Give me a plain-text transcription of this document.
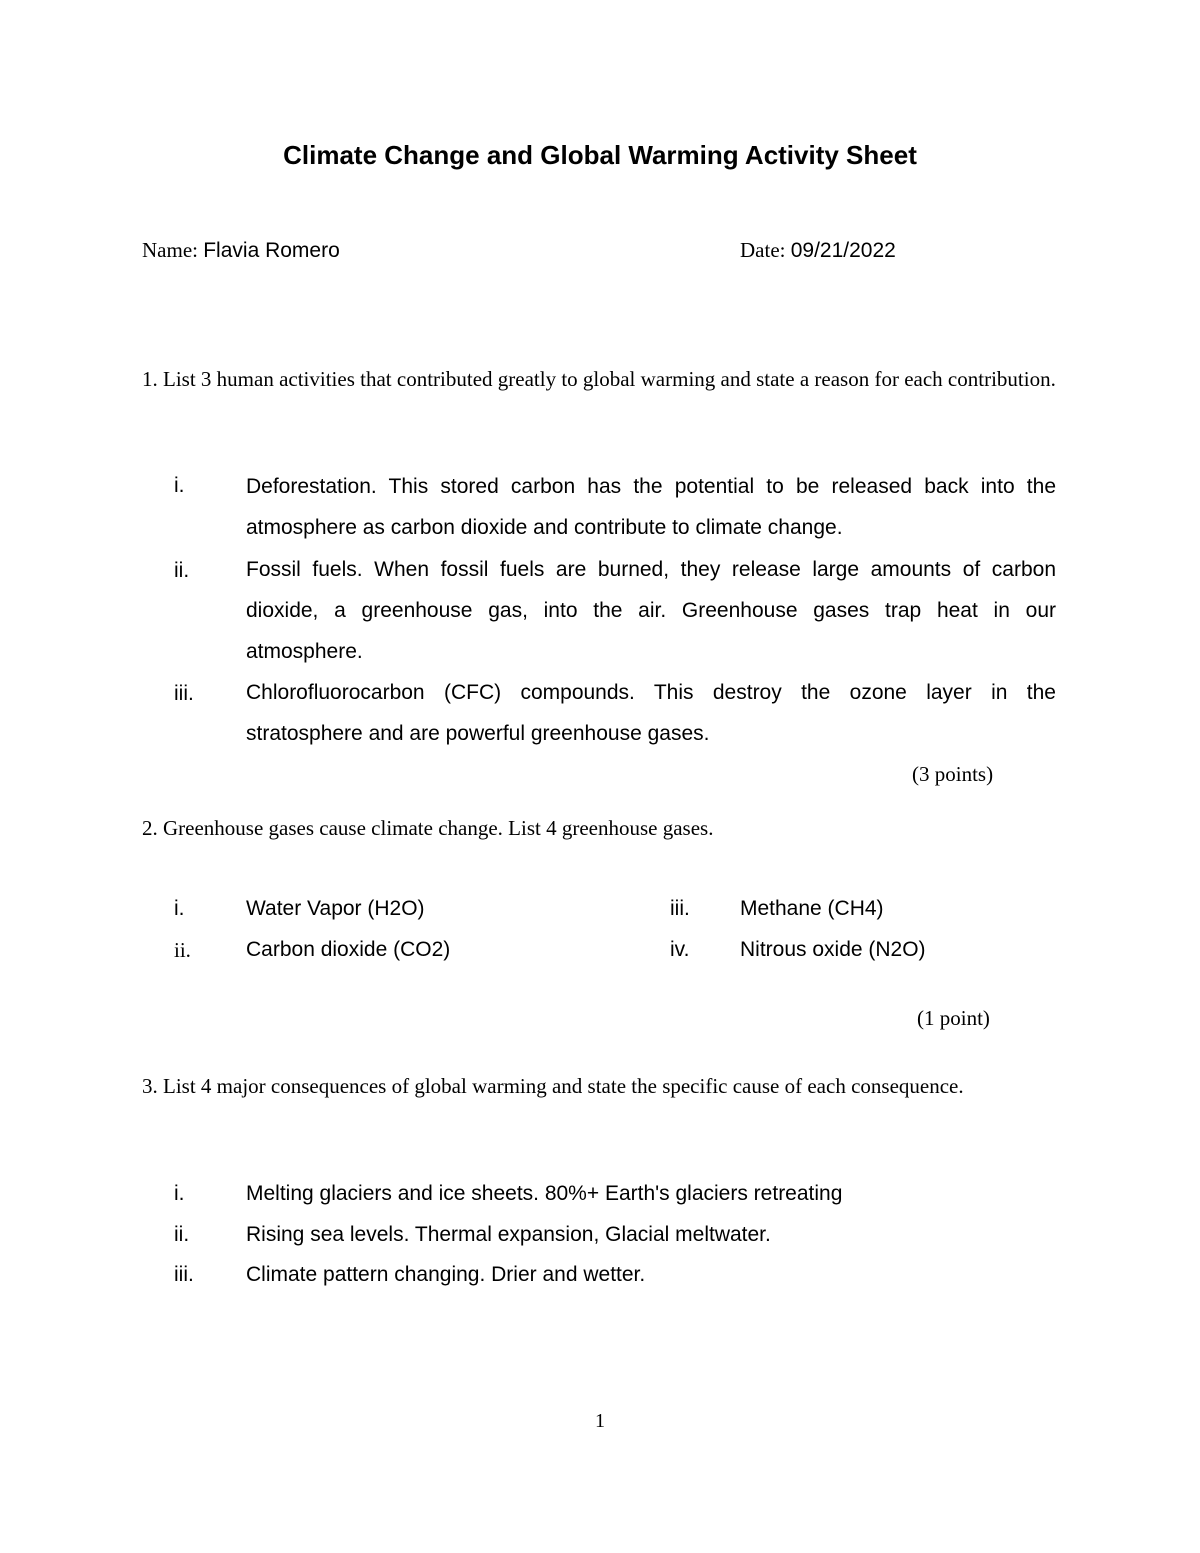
Climate Change and Global Warming Activity Sheet
Name: Flavia Romero	Date: 09/21/2022
1. List 3 human activities that contributed greatly to global warming and state a reason for each contribution.
i.	Deforestation. This stored carbon has the potential to be released back into the atmosphere as carbon dioxide and contribute to climate change.
ii.	Fossil fuels. When fossil fuels are burned, they release large amounts of carbon dioxide, a greenhouse gas, into the air. Greenhouse gases trap heat in our atmosphere.
iii. Chlorofluorocarbon (CFC) compounds. This destroy the ozone layer in the stratosphere and are powerful greenhouse gases.
(3 points)
2. Greenhouse gases cause climate change. List 4 greenhouse gases.
i.	Water Vapor (H2O)
ii.	Carbon dioxide (CO2)
iii. Methane (CH4)
iv. Nitrous oxide (N2O)
(1 point)
3. List 4 major consequences of global warming and state the specific cause of each consequence.
i.	Melting glaciers and ice sheets. 80%+ Earth's glaciers retreating
ii.	Rising sea levels. Thermal expansion, Glacial meltwater.
iii. Climate pattern changing. Drier and wetter.
1
